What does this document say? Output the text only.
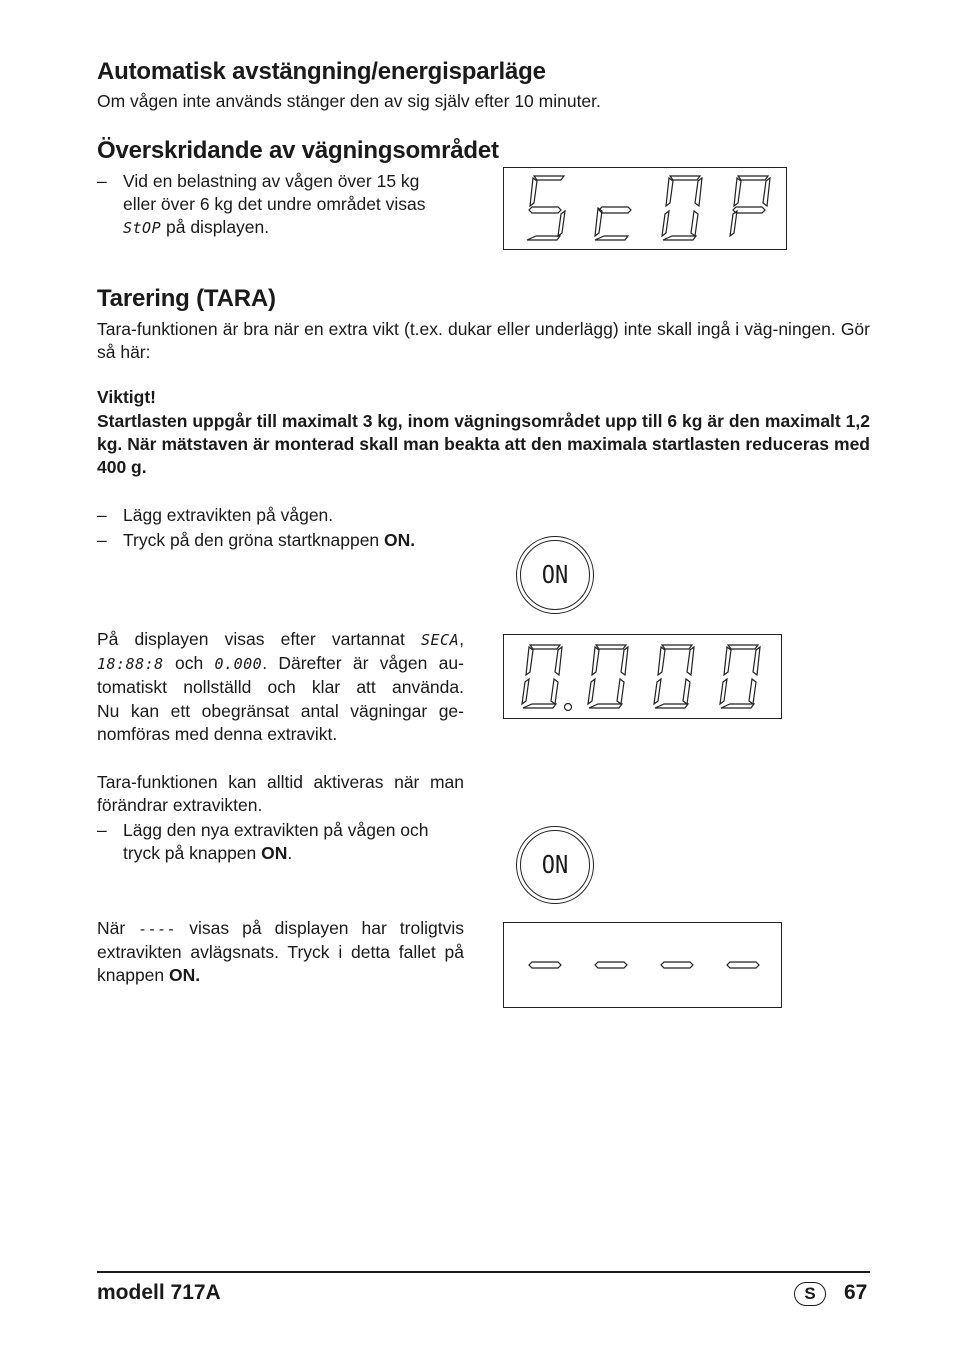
Automatisk avstängning/energisparläge

Om vågen inte används stänger den av sig själv efter 10 minuter.

Överskridande av vägningsområdet
– Vid en belastning av vågen över 15 kg
eller över 6 kg det undre området visas
StOP på displayen.
Tarering (TARA)

Tara-funktionen är bra när en extra vikt (t.ex. dukar eller underlägg) inte skall ingå i väg-ningen. Gör så här:

Viktigt!

Startlasten uppgår till maximalt 3 kg, inom vägningsområdet upp till 6 kg är den maximalt 1,2 kg. När mätstaven är monterad skall man beakta att den maximala startlasten reduceras med 400 g.

– Lägg extravikten på vågen.
– Tryck på den gröna startknappen ON.
ON
På displayen visas efter vartannat SECA,
18:88:8 och 0.000. Därefter är vågen au-tomatiskt nollställd och klar att använda.

Nu kan ett obegränsat antal vägningar ge-nomföras med denna extravikt.

Tara-funktionen kan alltid aktiveras när man förändrar extravikten.

– Lägg den nya extravikten på vågen och
tryck på knappen ON.	ON
När ---- visas på displayen har troligtvis extravikten avlägsnats. Tryck i detta fallet på knappen ON.
modell 717A	S	67
